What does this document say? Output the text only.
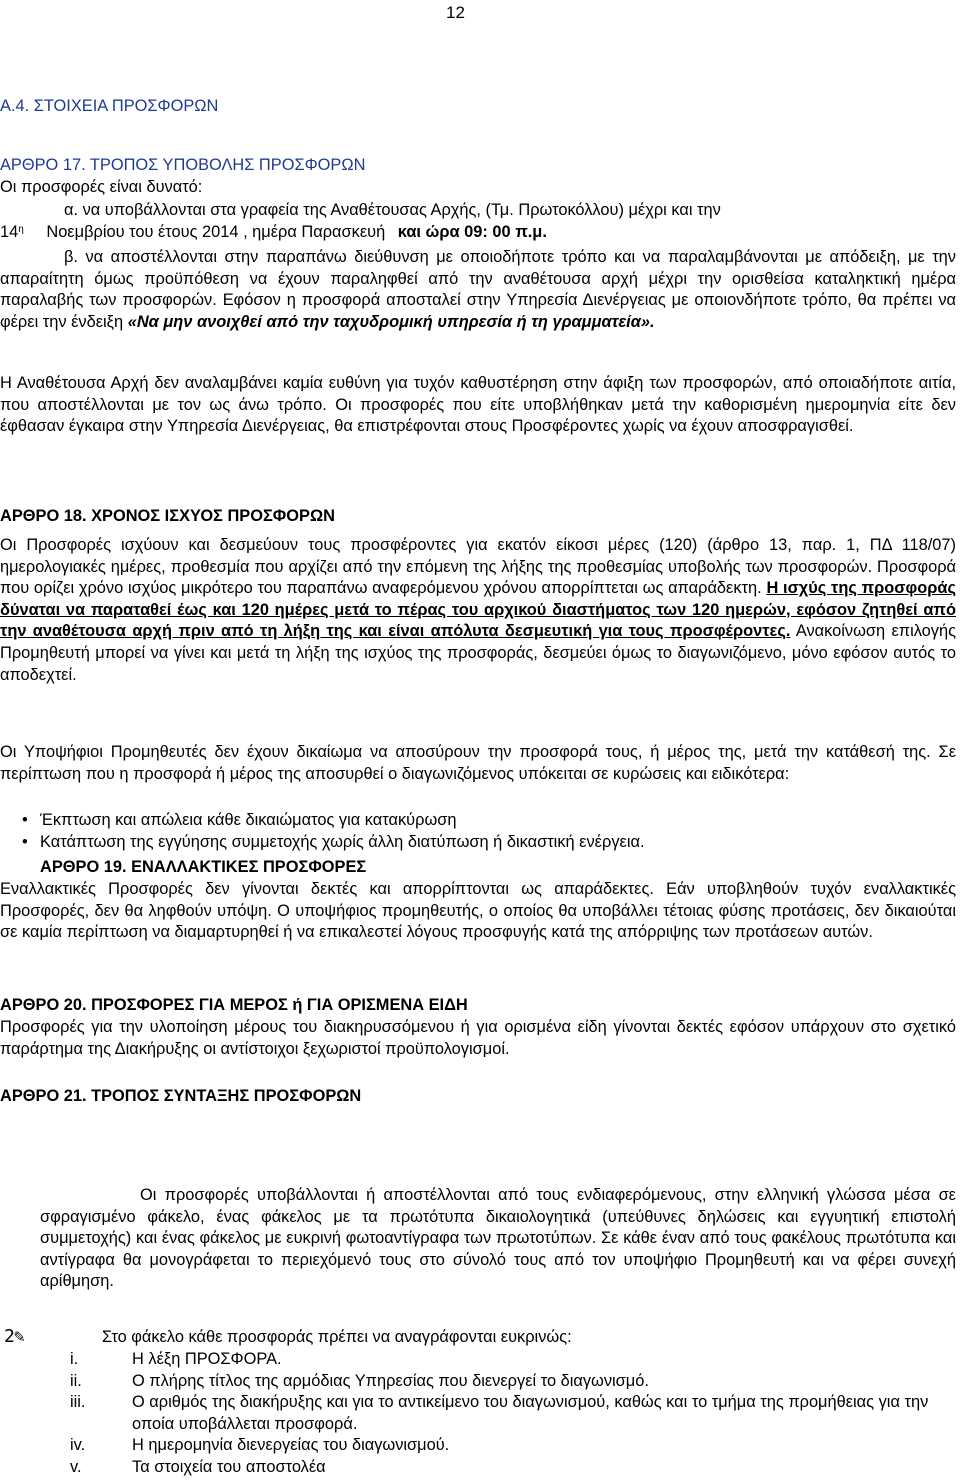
12
Α.4. ΣΤΟΙΧΕΙΑ ΠΡΟΣΦΟΡΩΝ
ΑΡΘΡΟ 17. ΤΡΟΠΟΣ ΥΠΟΒΟΛΗΣ ΠΡΟΣΦΟΡΩΝ
Οι προσφορές είναι δυνατό:
α. να υποβάλλονται στα γραφεία της Αναθέτουσας Αρχής, (Τμ. Πρωτοκόλλου) μέχρι και την
$14^\eta$ Νοεμβρίου του έτους 2014 , ημέρα Παρασκευή και ώρα 09: 00 π.μ.
β. να αποστέλλονται στην παραπάνω διεύθυνση με οποιοδήποτε τρόπο και να παραλαμβάνονται με απόδειξη, με την απαραίτητη όμως προϋπόθεση να έχουν παραληφθεί από την αναθέτουσα αρχή μέχρι την ορισθείσα καταληκτική ημέρα παραλαβής των προσφορών. Εφόσον η προσφορά αποσταλεί στην Υπηρεσία Διενέργειας με οποιονδήποτε τρόπο, θα πρέπει να φέρει την ένδειξη «Να μην ανοιχθεί από την ταχυδρομική υπηρεσία ή τη γραμματεία».
Η Αναθέτουσα Αρχή δεν αναλαμβάνει καμία ευθύνη για τυχόν καθυστέρηση στην άφιξη των προσφορών, από οποιαδήποτε αιτία, που αποστέλλονται με τον ως άνω τρόπο. Οι προσφορές που είτε υποβλήθηκαν μετά την καθορισμένη ημερομηνία είτε δεν έφθασαν έγκαιρα στην Υπηρεσία Διενέργειας, θα επιστρέφονται στους Προσφέροντες χωρίς να έχουν αποσφραγισθεί.
ΑΡΘΡΟ 18. ΧΡΟΝΟΣ ΙΣΧΥΟΣ ΠΡΟΣΦΟΡΩΝ
Οι Προσφορές ισχύουν και δεσμεύουν τους προσφέροντες για εκατόν είκοσι μέρες (120) (άρθρο 13, παρ. 1, ΠΔ 118/07) ημερολογιακές ημέρες, προθεσμία που αρχίζει από την επόμενη της λήξης της προθεσμίας υποβολής των προσφορών. Προσφορά που ορίζει χρόνο ισχύος μικρότερο του παραπάνω αναφερόμενου χρόνου απορρίπτεται ως απαράδεκτη. Η ισχύς της προσφοράς δύναται να παραταθεί έως και 120 ημέρες μετά το πέρας του αρχικού διαστήματος των 120 ημερών, εφόσον ζητηθεί από την αναθέτουσα αρχή πριν από τη λήξη της και είναι απόλυτα δεσμευτική για τους προσφέροντες. Ανακοίνωση επιλογής Προμηθευτή μπορεί να γίνει και μετά τη λήξη της ισχύος της προσφοράς, δεσμεύει όμως το διαγωνιζόμενο, μόνο εφόσον αυτός το αποδεχτεί.
Οι Υποψήφιοι Προμηθευτές δεν έχουν δικαίωμα να αποσύρουν την προσφορά τους, ή μέρος της, μετά την κατάθεσή της. Σε περίπτωση που η προσφορά ή μέρος της αποσυρθεί ο διαγωνιζόμενος υπόκειται σε κυρώσεις και ειδικότερα:
• Έκπτωση και απώλεια κάθε δικαιώματος για κατακύρωση
• Κατάπτωση της εγγύησης συμμετοχής χωρίς άλλη διατύπωση ή δικαστική ενέργεια.
ΑΡΘΡΟ 19. ΕΝΑΛΛΑΚΤΙΚΕΣ ΠΡΟΣΦΟΡΕΣ
Εναλλακτικές Προσφορές δεν γίνονται δεκτές και απορρίπτονται ως απαράδεκτες. Εάν υποβληθούν τυχόν εναλλακτικές Προσφορές, δεν θα ληφθούν υπόψη. Ο υποψήφιος προμηθευτής, ο οποίος θα υποβάλλει τέτοιας φύσης προτάσεις, δεν δικαιούται σε καμία περίπτωση να διαμαρτυρηθεί ή να επικαλεστεί λόγους προσφυγής κατά της απόρριψης των προτάσεων αυτών.
ΑΡΘΡΟ 20. ΠΡΟΣΦΟΡΕΣ ΓΙΑ ΜΕΡΟΣ ή ΓΙΑ ΟΡΙΣΜΕΝΑ ΕΙΔΗ
Προσφορές για την υλοποίηση μέρους του διακηρυσσόμενου ή για ορισμένα είδη γίνονται δεκτές εφόσον υπάρχουν στο σχετικό παράρτημα της Διακήρυξης οι αντίστοιχοι ξεχωριστοί προϋπολογισμοί.
ΑΡΘΡΟ 21. ΤΡΟΠΟΣ ΣΥΝΤΑΞΗΣ ΠΡΟΣΦΟΡΩΝ
Οι προσφορές υποβάλλονται ή αποστέλλονται από τους ενδιαφερόμενους, στην ελληνική γλώσσα μέσα σε σφραγισμένο φάκελο, ένας φάκελος με τα πρωτότυπα δικαιολογητικά (υπεύθυνες δηλώσεις και εγγυητική επιστολή συμμετοχής) και ένας φάκελος με ευκρινή φωτοαντίγραφα των πρωτοτύπων. Σε κάθε έναν από τους φακέλους πρωτότυπα και αντίγραφα θα μονογράφεται το περιεχόμενό τους στο σύνολό τους από τον υποψήφιο Προμηθευτή και να φέρει συνεχή αρίθμηση.
2✎	Στο φάκελο κάθε προσφοράς πρέπει να αναγράφονται ευκρινώς:
i.	Η λέξη ΠΡΟΣΦΟΡΑ.
ii.	Ο πλήρης τίτλος της αρμόδιας Υπηρεσίας που διενεργεί το διαγωνισμό.
iii.	Ο αριθμός της διακήρυξης και για το αντικείμενο του διαγωνισμού, καθώς και το τμήμα της προμήθειας για την οποία υποβάλλεται προσφορά.
iv.	Η ημερομηνία διενεργείας του διαγωνισμού.
v.	Τα στοιχεία του αποστολέα
